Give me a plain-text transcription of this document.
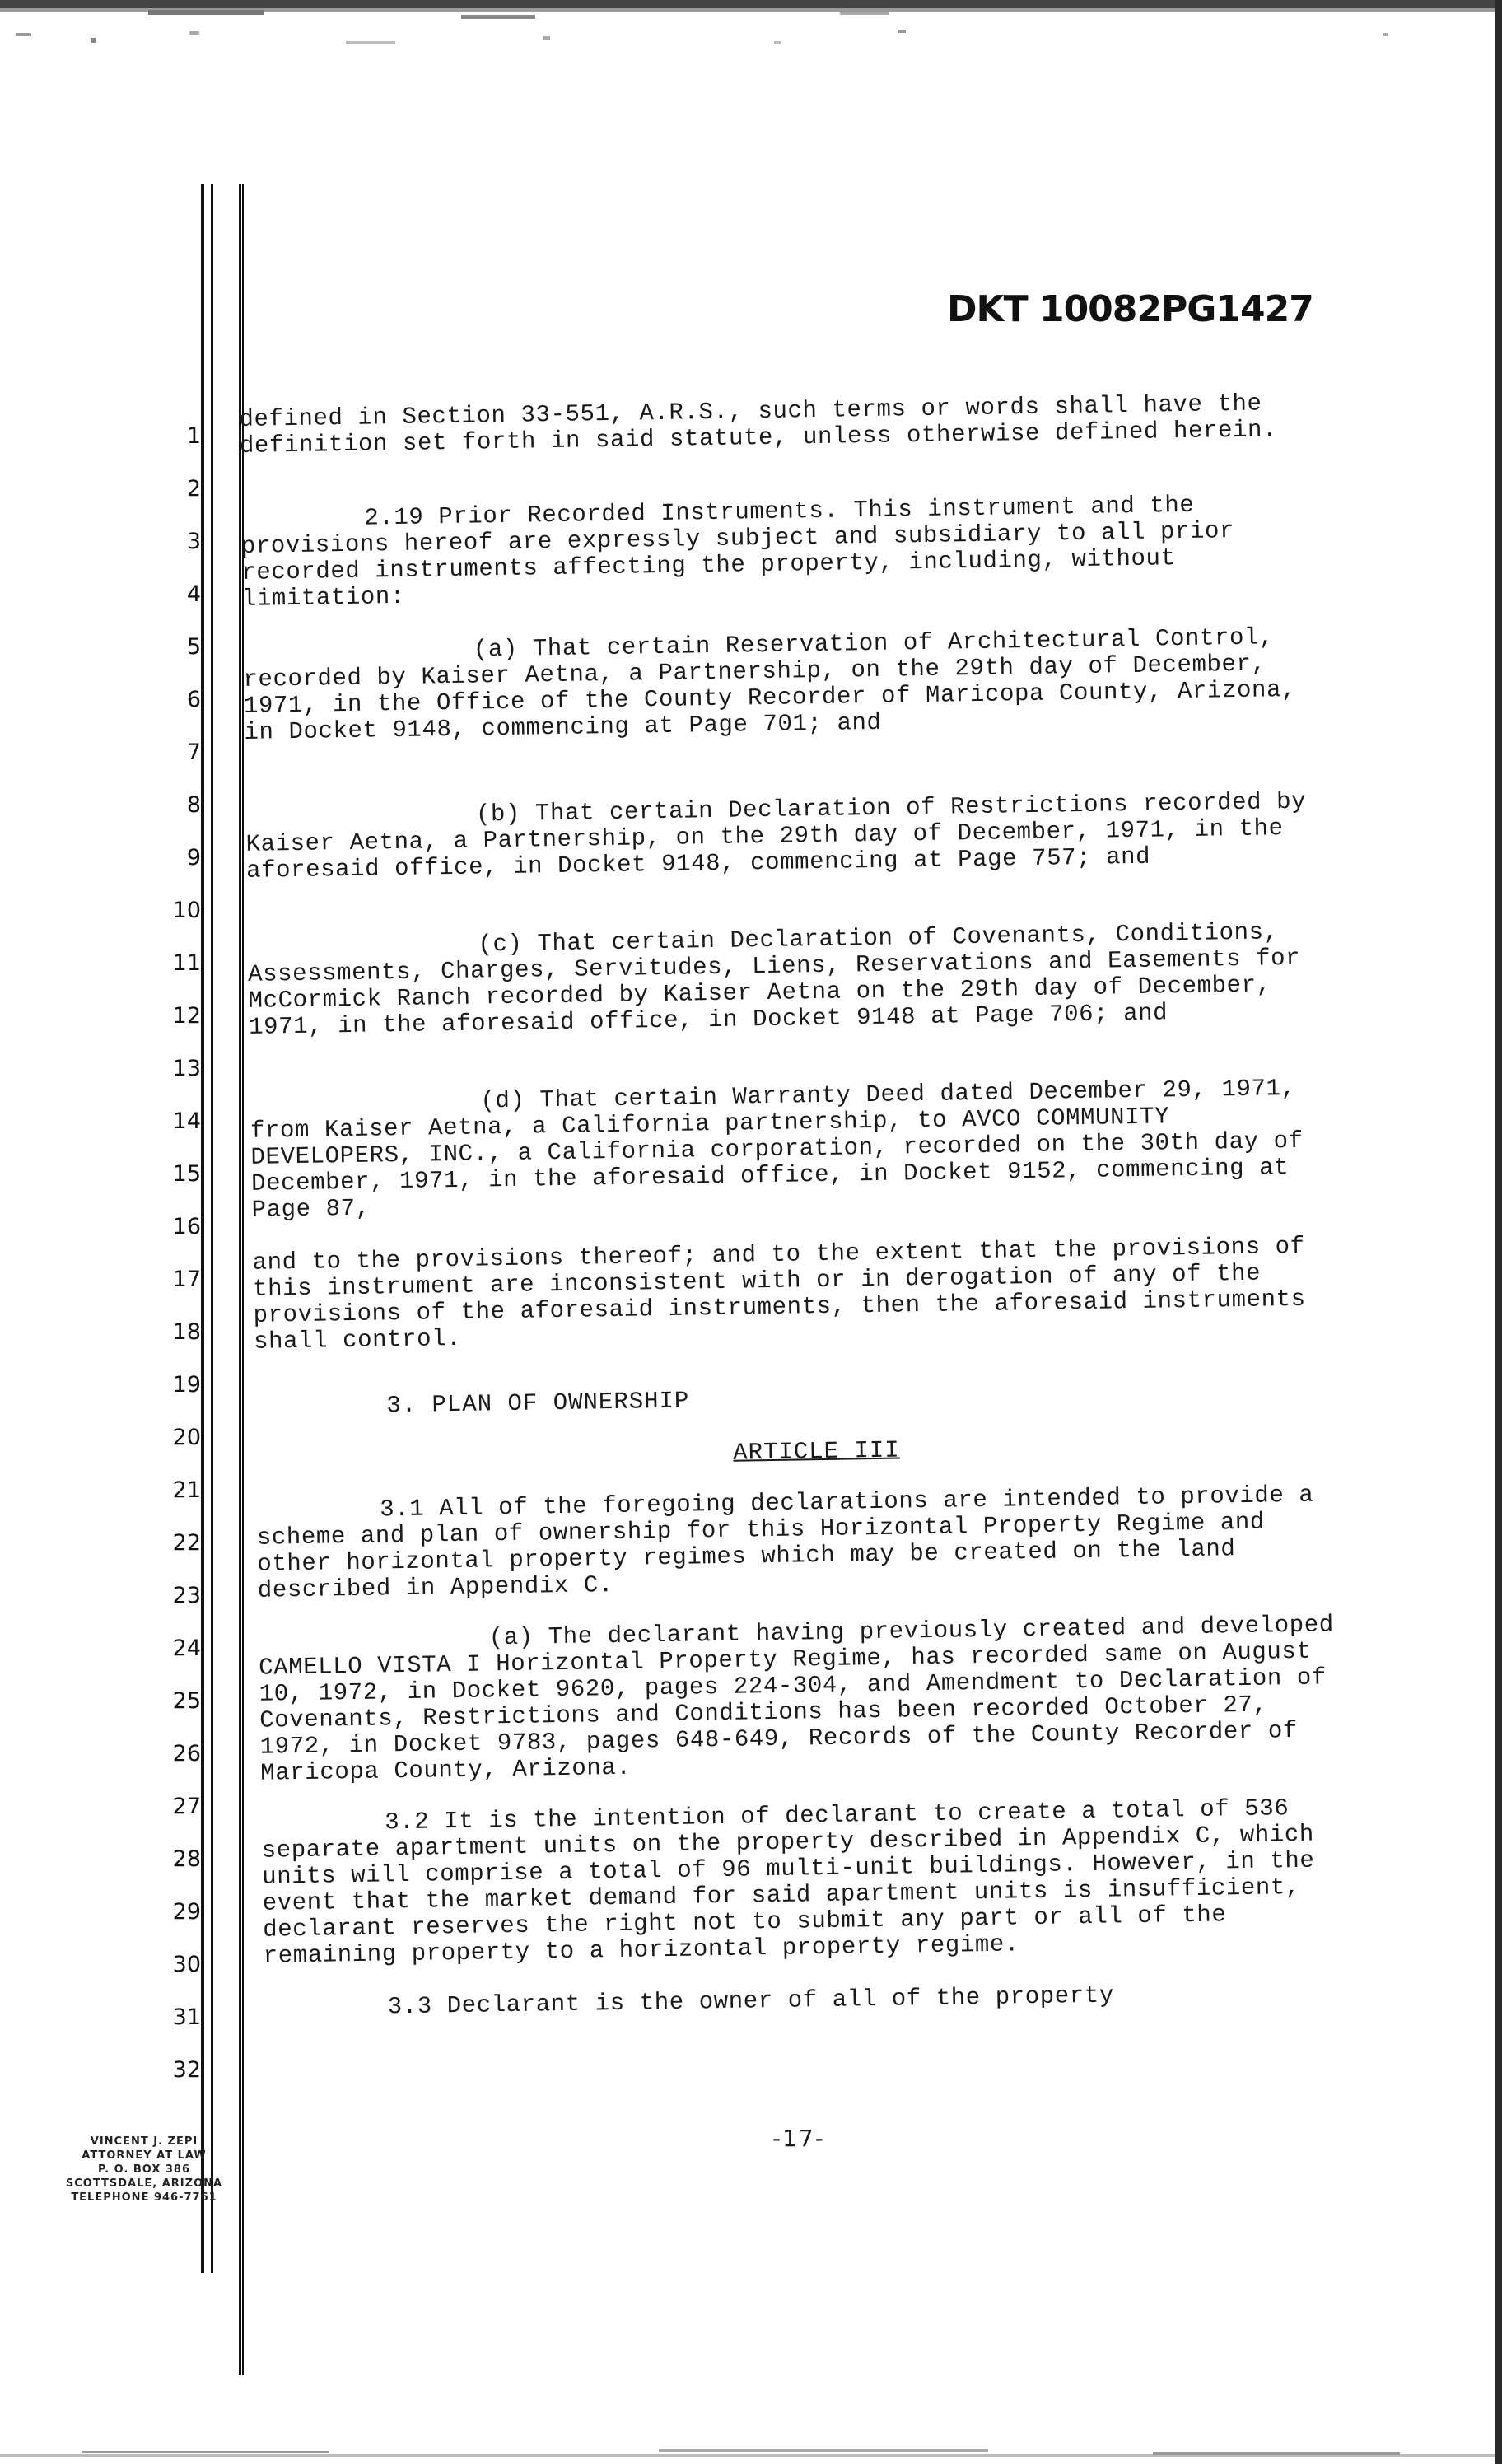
DKT 10082PG1427
1
2
3
4
5
6
7
8
9
10
11
12
13
14
15
16
17
18
19
20
21
22
23
24
25
26
27
28
29
30
31
32

defined in Section 33-551, A.R.S., such terms or words shall have the definition set forth in said statute, unless otherwise defined herein.

2.19 Prior Recorded Instruments. This instrument and the provisions hereof are expressly subject and subsidiary to all prior recorded instruments affecting the property, including, without limitation:

(a) That certain Reservation of Architectural Control, recorded by Kaiser Aetna, a Partnership, on the 29th day of December, 1971, in the Office of the County Recorder of Maricopa County, Arizona, in Docket 9148, commencing at Page 701; and

(b) That certain Declaration of Restrictions recorded by Kaiser Aetna, a Partnership, on the 29th day of December, 1971, in the aforesaid office, in Docket 9148, commencing at Page 757; and

(c) That certain Declaration of Covenants, Conditions, Assessments, Charges, Servitudes, Liens, Reservations and Easements for McCormick Ranch recorded by Kaiser Aetna on the 29th day of December, 1971, in the aforesaid office, in Docket 9148 at Page 706; and

(d) That certain Warranty Deed dated December 29, 1971, from Kaiser Aetna, a California partnership, to AVCO COMMUNITY DEVELOPERS, INC., a California corporation, recorded on the 30th day of December, 1971, in the aforesaid office, in Docket 9152, commencing at Page 87,

and to the provisions thereof; and to the extent that the provisions of this instrument are inconsistent with or in derogation of any of the provisions of the aforesaid instruments, then the aforesaid instruments shall control.

3. PLAN OF OWNERSHIP
ARTICLE III

3.1 All of the foregoing declarations are intended to provide a scheme and plan of ownership for this Horizontal Property Regime and other horizontal property regimes which may be created on the land described in Appendix C.

(a) The declarant having previously created and developed CAMELLO VISTA I Horizontal Property Regime, has recorded same on August 10, 1972, in Docket 9620, pages 224-304, and Amendment to Declaration of Covenants, Restrictions and Conditions has been recorded October 27, 1972, in Docket 9783, pages 648-649, Records of the County Recorder of Maricopa County, Arizona.

3.2 It is the intention of declarant to create a total of 536 separate apartment units on the property described in Appendix C, which units will comprise a total of 96 multi-unit buildings. However, in the event that the market demand for said apartment units is insufficient, declarant reserves the right not to submit any part or all of the remaining property to a horizontal property regime.

3.3 Declarant is the owner of all of the property

-17-
VINCENT J. ZEPI
ATTORNEY AT LAW
P. O. BOX 386
SCOTTSDALE, ARIZONA
TELEPHONE 946-7761
